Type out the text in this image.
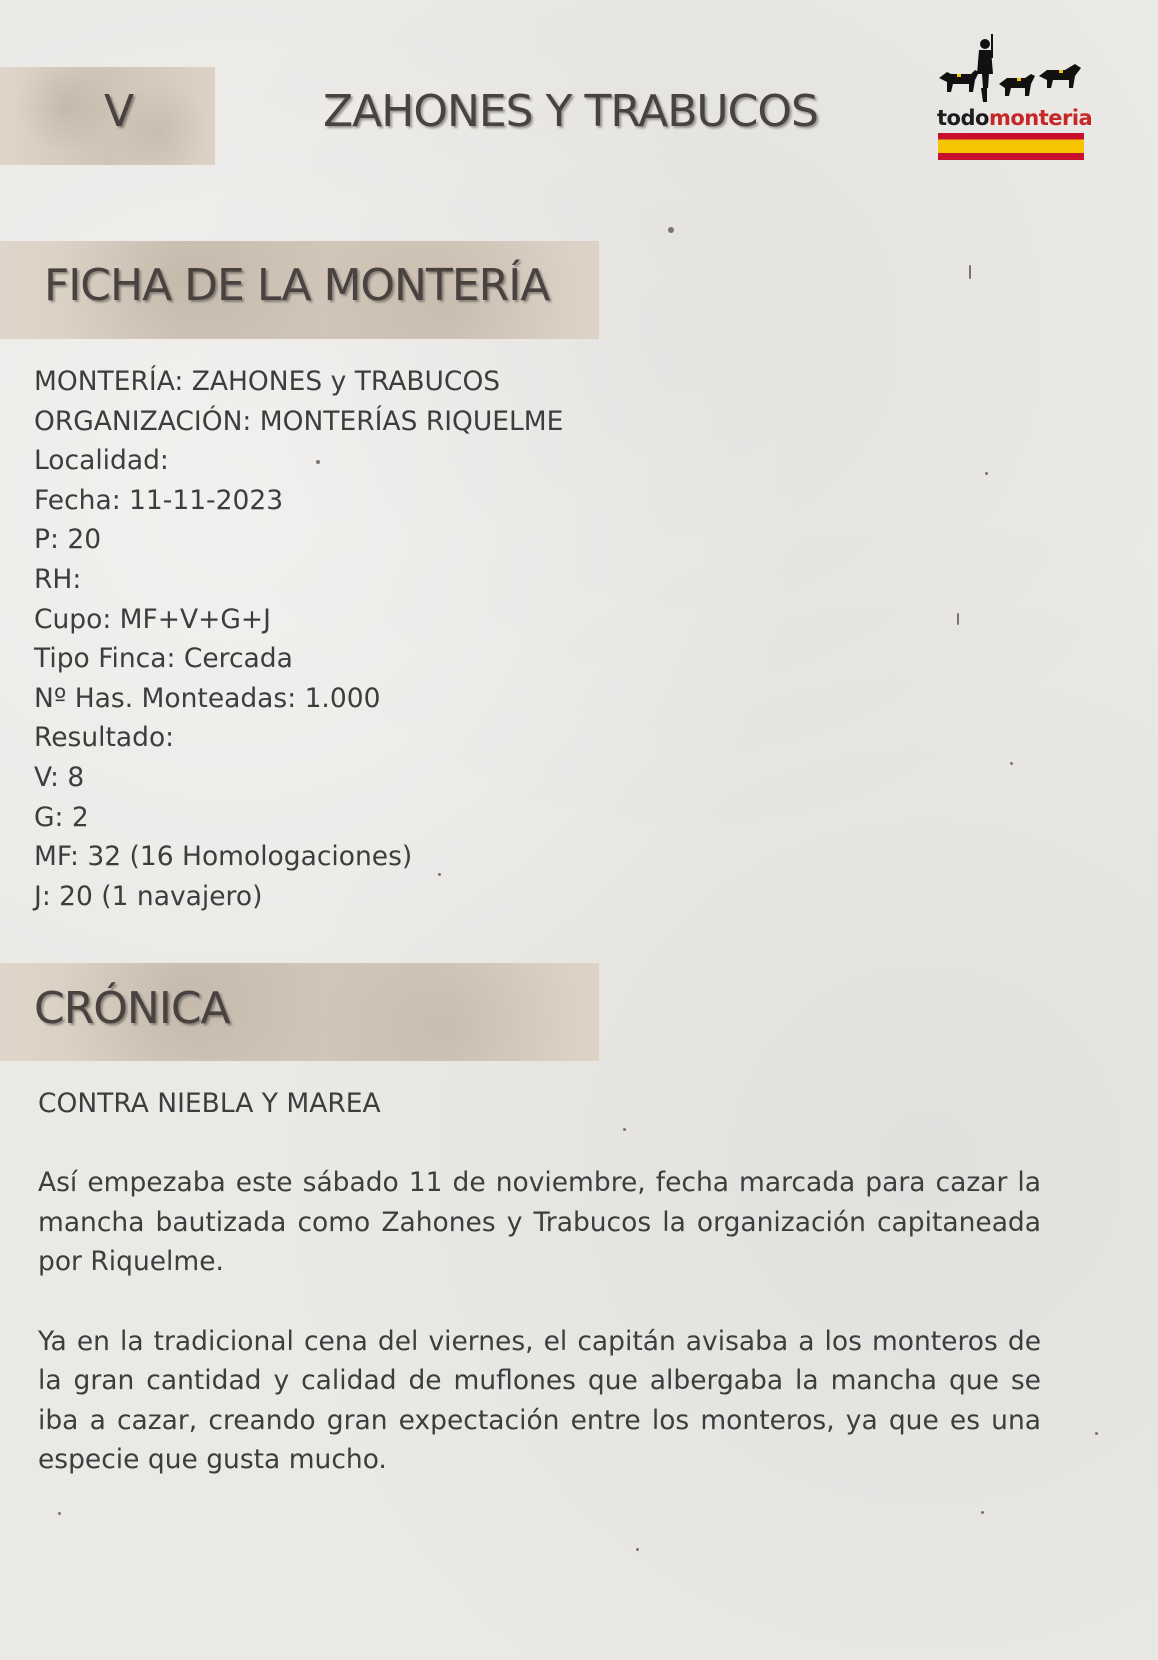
V	ZAHONES Y TRABUCOS	todomonteria
FICHA DE LA MONTERÍA
MONTERÍA: ZAHONES y TRABUCOS
ORGANIZACIÓN: MONTERÍAS RIQUELME
Localidad:
Fecha: 11-11-2023
P: 20
RH:
Cupo: MF+V+G+J
Tipo Finca: Cercada
Nº Has. Monteadas: 1.000
Resultado:
V: 8
G: 2
MF: 32 (16 Homologaciones)
J: 20 (1 navajero)
CRÓNICA

CONTRA NIEBLA Y MAREA

Así empezaba este sábado 11 de noviembre, fecha marcada para cazar la mancha bautizada como Zahones y Trabucos la organización capitaneada por Riquelme.

Ya en la tradicional cena del viernes, el capitán avisaba a los monteros de la gran cantidad y calidad de muflones que albergaba la mancha que se iba a cazar, creando gran expectación entre los monteros, ya que es una especie que gusta mucho.
